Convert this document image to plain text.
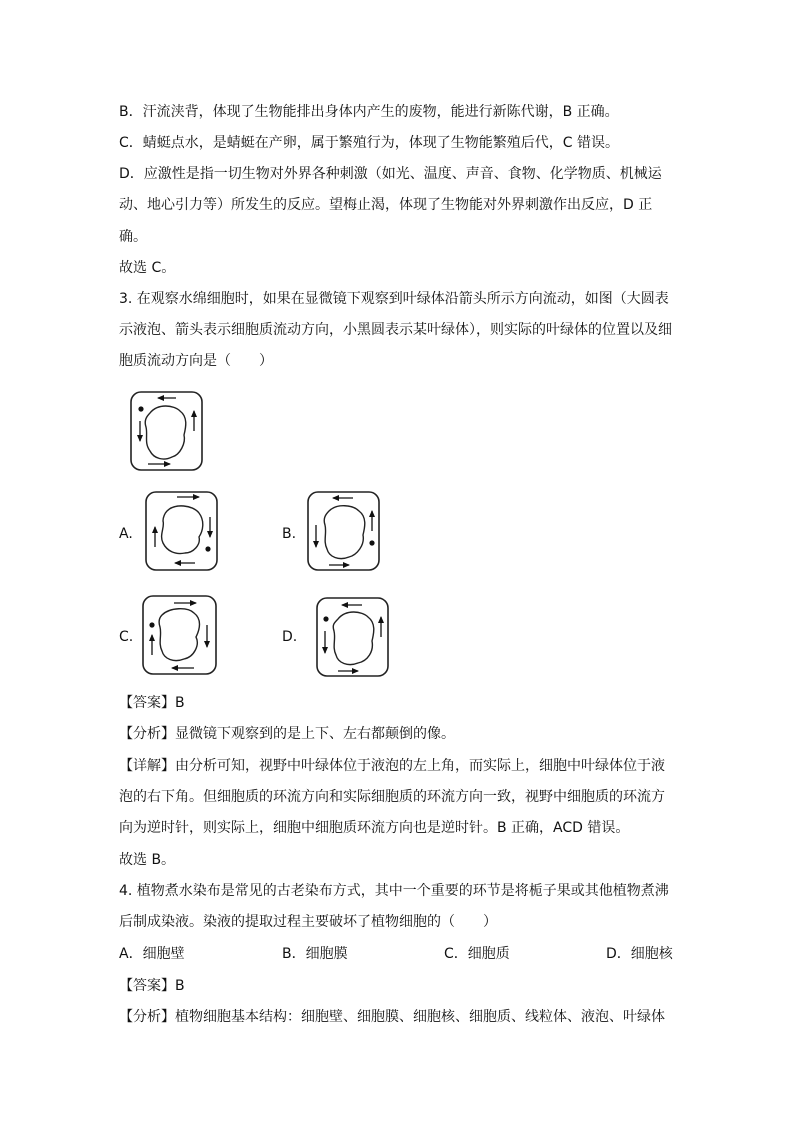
B．汗流浃背，体现了生物能排出身体内产生的废物，能进行新陈代谢，B 正确。
C．蜻蜓点水，是蜻蜓在产卵，属于繁殖行为，体现了生物能繁殖后代，C 错误。
D．应激性是指一切生物对外界各种刺激（如光、温度、声音、食物、化学物质、机械运
动、地心引力等）所发生的反应。望梅止渴，体现了生物能对外界刺激作出反应，D 正
确。
故选 C。
3. 在观察水绵细胞时，如果在显微镜下观察到叶绿体沿箭头所示方向流动，如图（大圆表
示液泡、箭头表示细胞质流动方向，小黑圆表示某叶绿体），则实际的叶绿体的位置以及细
胞质流动方向是（　　）
A.	B.
C.	D.
【答案】B
【分析】显微镜下观察到的是上下、左右都颠倒的像。
【详解】由分析可知，视野中叶绿体位于液泡的左上角，而实际上，细胞中叶绿体位于液
泡的右下角。但细胞质的环流方向和实际细胞质的环流方向一致，视野中细胞质的环流方
向为逆时针，则实际上，细胞中细胞质环流方向也是逆时针。B 正确，ACD 错误。
故选 B。
4. 植物煮水染布是常见的古老染布方式，其中一个重要的环节是将栀子果或其他植物煮沸
后制成染液。染液的提取过程主要破坏了植物细胞的（　　）
A．细胞壁	B．细胞膜	C．细胞质	D．细胞核
【答案】B
【分析】植物细胞基本结构：细胞壁、细胞膜、细胞核、细胞质、线粒体、液泡、叶绿体
